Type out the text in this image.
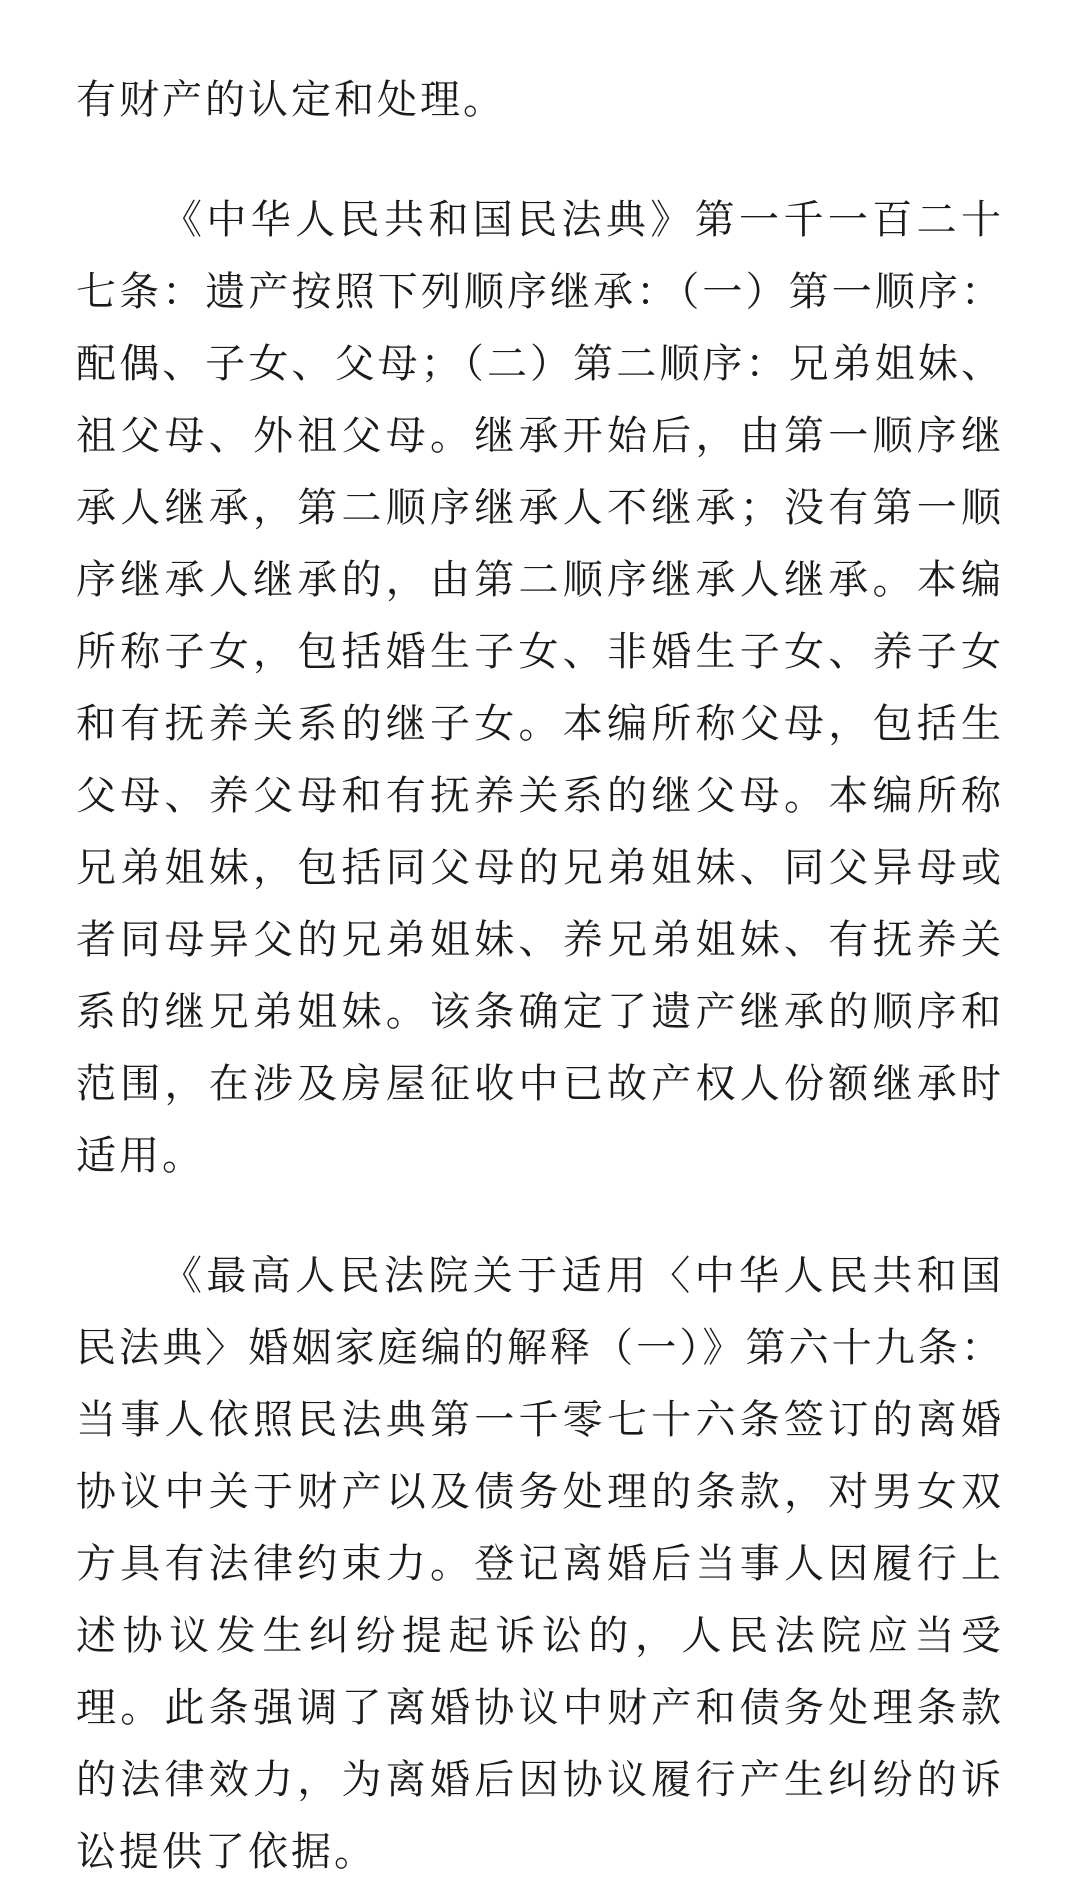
有财产的认定和处理。

《中华人民共和国民法典》第一千一百二十七条：遗产按照下列顺序继承：（一）第一顺序：配偶、子女、父母；（二）第二顺序：兄弟姐妹、祖父母、外祖父母。继承开始后，由第一顺序继承人继承，第二顺序继承人不继承；没有第一顺序继承人继承的，由第二顺序继承人继承。本编所称子女，包括婚生子女、非婚生子女、养子女和有抚养关系的继子女。本编所称父母，包括生父母、养父母和有抚养关系的继父母。本编所称兄弟姐妹，包括同父母的兄弟姐妹、同父异母或者同母异父的兄弟姐妹、养兄弟姐妹、有抚养关系的继兄弟姐妹。该条确定了遗产继承的顺序和范围，在涉及房屋征收中已故产权人份额继承时适用。

《最高人民法院关于适用〈中华人民共和国民法典〉婚姻家庭编的解释（一）》第六十九条：当事人依照民法典第一千零七十六条签订的离婚协议中关于财产以及债务处理的条款，对男女双方具有法律约束力。登记离婚后当事人因履行上述协议发生纠纷提起诉讼的，人民法院应当受理。此条强调了离婚协议中财产和债务处理条款的法律效力，为离婚后因协议履行产生纠纷的诉讼提供了依据。
